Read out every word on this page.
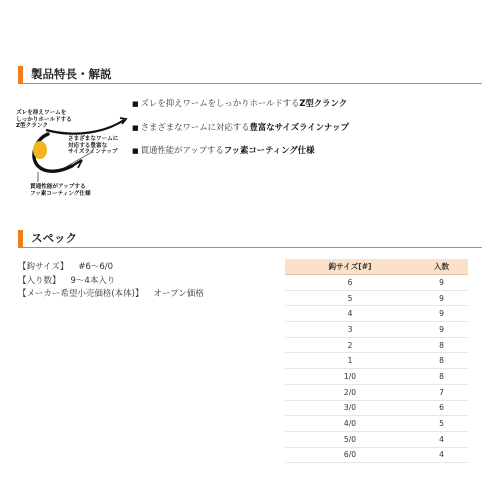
製品特長・解説
ズレを抑えワームを
しっかりホールドする
Z型クランク
さまざまなワームに
対応する豊富な
サイズラインナップ
貫通性能がアップする
フッ素コーティング仕様
■ ズレを抑えワームをしっかりホールドするZ型クランク
■ さまざまなワームに対応する豊富なサイズラインナップ
■ 貫通性能がアップするフッ素コーティング仕様
スペック
【鈎サイズ】 #6〜6/0
【入り数】 9〜4本入り
【メーカー希望小売価格(本体)】 オープン価格
鈎サイズ[#]	入数
6	9
5	9
4	9
3	9
2	8
1	8
1/0	8
2/0	7
3/0	6
4/0	5
5/0	4
6/0	4
